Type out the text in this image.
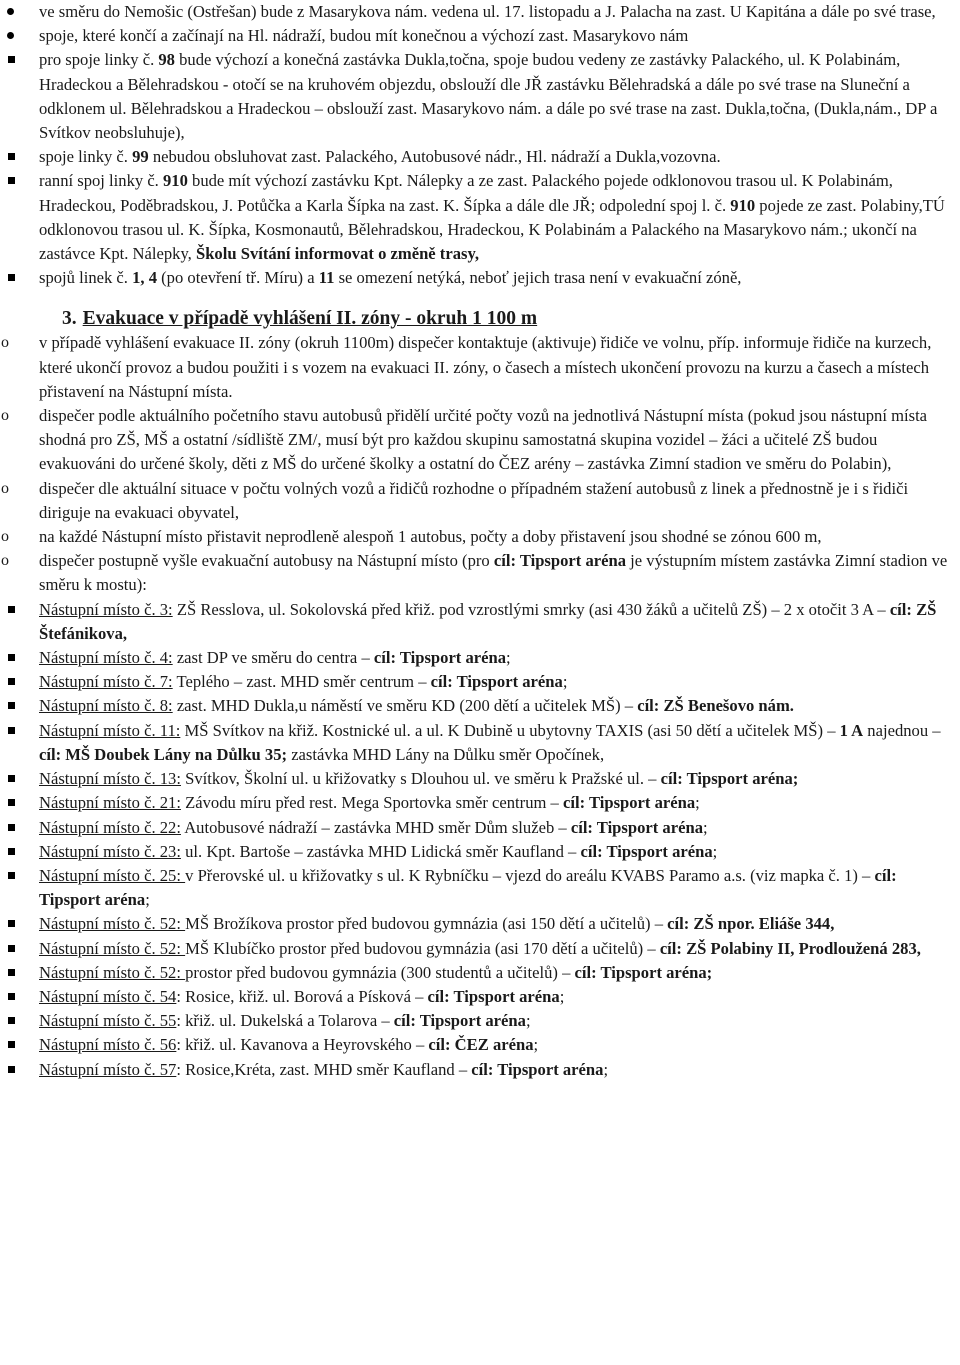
ve směru do Nemošic (Ostřešan) bude z Masarykova nám. vedena ul. 17. listopadu a J. Palacha na zast. U Kapitána a dále po své trase,
spoje, které končí a začínají na Hl. nádraží, budou mít konečnou a výchozí zast. Masarykovo nám
pro spoje linky č. 98 bude výchozí a konečná zastávka Dukla,točna, spoje budou vedeny ze zastávky Palackého, ul. K Polabinám, Hradeckou a Bělehradskou - otočí se na kruhovém objezdu, obslouží dle JŘ zastávku Bělehradská a dále po své trase na Sluneční a odklonem ul. Bělehradskou a Hradeckou – obslouží zast. Masarykovo nám. a dále po své trase na zast. Dukla,točna, (Dukla,nám., DP a Svítkov neobsluhuje),
spoje linky č. 99 nebudou obsluhovat zast. Palackého, Autobusové nádr., Hl. nádraží a Dukla,vozovna.
ranní spoj linky č. 910 bude mít výchozí zastávku Kpt. Nálepky a ze zast. Palackého pojede odklonovou trasou ul. K Polabinám, Hradeckou, Poděbradskou, J. Potůčka a Karla Šípka na zast. K. Šípka a dále dle JŘ; odpolední spoj l. č. 910 pojede ze zast. Polabiny,TÚ odklonovou trasou ul. K. Šípka, Kosmonautů, Bělehradskou, Hradeckou, K Polabinám a Palackého na Masarykovo nám.; ukončí na zastávce Kpt. Nálepky, Školu Svítání informovat o změně trasy,
spojů linek č. 1, 4 (po otevření tř. Míru) a 11 se omezení netýká, neboť jejich trasa není v evakuační zóně,
3. Evakuace v případě vyhlášení II. zóny - okruh 1 100 m
o v případě vyhlášení evakuace II. zóny (okruh 1100m) dispečer kontaktuje (aktivuje) řidiče ve volnu, příp. informuje řidiče na kurzech, které ukončí provoz a budou použiti i s vozem na evakuaci II. zóny, o časech a místech ukončení provozu na kurzu a časech a místech přistavení na Nástupní místa.
o dispečer podle aktuálního početního stavu autobusů přidělí určité počty vozů na jednotlivá Nástupní místa (pokud jsou nástupní místa shodná pro ZŠ, MŠ a ostatní /sídliště ZM/, musí být pro každou skupinu samostatná skupina vozidel – žáci a učitelé ZŠ budou evakuováni do určené školy, děti z MŠ do určené školky a ostatní do ČEZ arény – zastávka Zimní stadion ve směru do Polabin),
o dispečer dle aktuální situace v počtu volných vozů a řidičů rozhodne o případném stažení autobusů z linek a přednostně je i s řidiči diriguje na evakuaci obyvatel,
o na každé Nástupní místo přistavit neprodleně alespoň 1 autobus, počty a doby přistavení jsou shodné se zónou 600 m,
o dispečer postupně vyšle evakuační autobusy na Nástupní místo (pro cíl: Tipsport aréna je výstupním místem zastávka Zimní stadion ve směru k mostu):
Nástupní místo č. 3: ZŠ Resslova, ul. Sokolovská před křiž. pod vzrostlými smrky (asi 430 žáků a učitelů ZŠ) – 2 x otočit 3 A – cíl: ZŠ Štefánikova,
Nástupní místo č. 4: zast DP ve směru do centra – cíl: Tipsport aréna;
Nástupní místo č. 7: Teplého – zast. MHD směr centrum – cíl: Tipsport aréna;
Nástupní místo č. 8: zast. MHD Dukla,u náměstí ve směru KD (200 dětí a učitelek MŠ) – cíl: ZŠ Benešovo nám.
Nástupní místo č. 11: MŠ Svítkov na křiž. Kostnické ul. a ul. K Dubině u ubytovny TAXIS (asi 50 dětí a učitelek MŠ) – 1 A najednou – cíl: MŠ Doubek Lány na Důlku 35; zastávka MHD Lány na Důlku směr Opočínek,
Nástupní místo č. 13: Svítkov, Školní ul. u křižovatky s Dlouhou ul. ve směru k Pražské ul. – cíl: Tipsport aréna;
Nástupní místo č. 21: Závodu míru před rest. Mega Sportovka směr centrum – cíl: Tipsport aréna;
Nástupní místo č. 22: Autobusové nádraží – zastávka MHD směr Dům služeb – cíl: Tipsport aréna;
Nástupní místo č. 23: ul. Kpt. Bartoše – zastávka MHD Lidická směr Kaufland – cíl: Tipsport aréna;
Nástupní místo č. 25: v Přerovské ul. u křižovatky s ul. K Rybníčku – vjezd do areálu KVABS Paramo a.s. (viz mapka č. 1) – cíl: Tipsport aréna;
Nástupní místo č. 52: MŠ Brožíkova prostor před budovou gymnázia (asi 150 dětí a učitelů) – cíl: ZŠ npor. Eliáše 344,
Nástupní místo č. 52: MŠ Klubíčko prostor před budovou gymnázia (asi 170 dětí a učitelů) – cíl: ZŠ Polabiny II, Prodloužená 283,
Nástupní místo č. 52: prostor před budovou gymnázia (300 studentů a učitelů) – cíl: Tipsport aréna;
Nástupní místo č. 54: Rosice, křiž. ul. Borová a Písková – cíl: Tipsport aréna;
Nástupní místo č. 55: křiž. ul. Dukelská a Tolarova – cíl: Tipsport aréna;
Nástupní místo č. 56: křiž. ul. Kavanova a Heyrovského – cíl: ČEZ aréna;
Nástupní místo č. 57: Rosice,Kréta, zast. MHD směr Kaufland – cíl: Tipsport aréna;
